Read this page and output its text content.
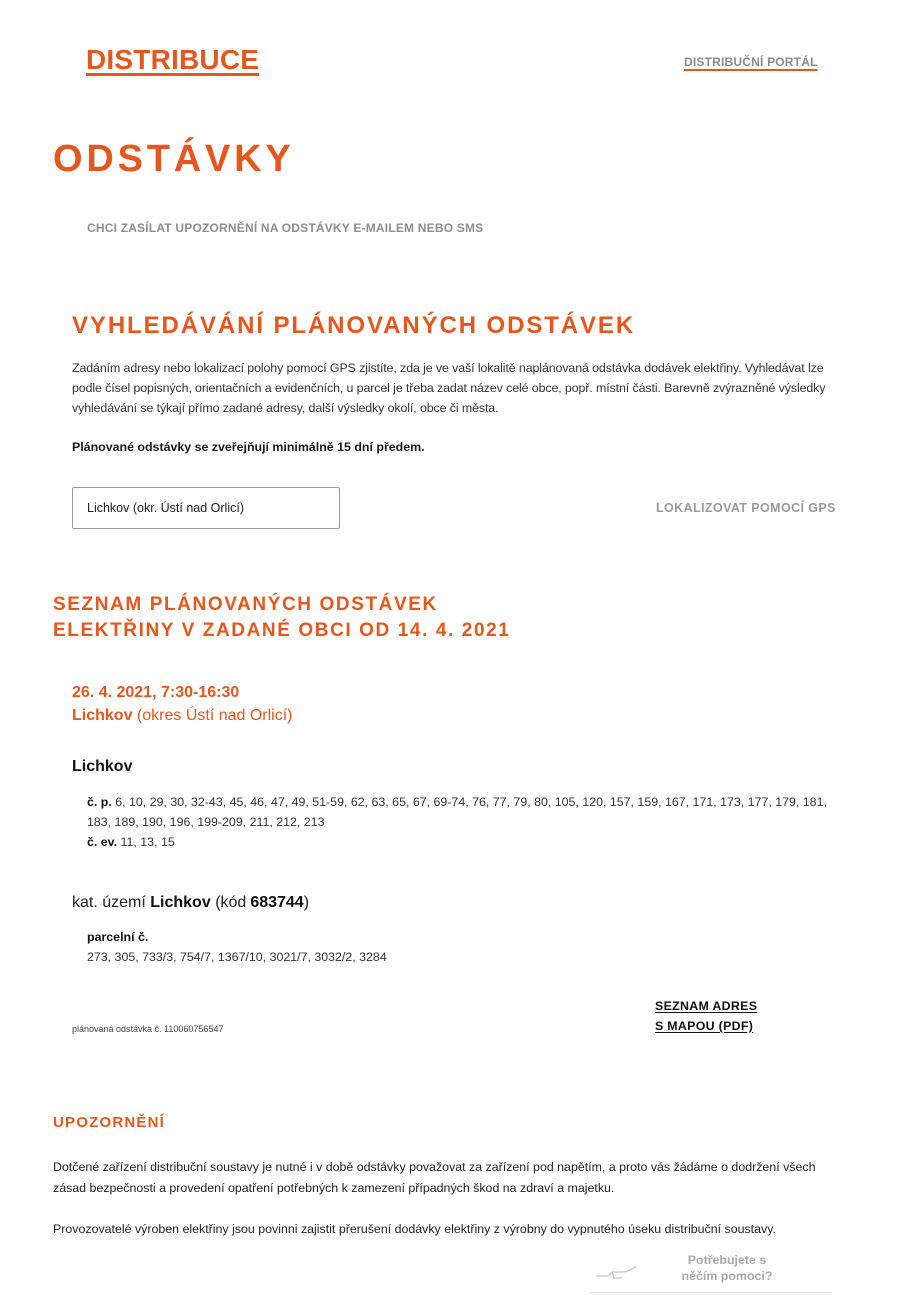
DISTRIBUCE	DISTRIBUČNÍ PORTÁL
ODSTÁVKY
CHCI ZASÍLAT UPOZORNĚNÍ NA ODSTÁVKY E-MAILEM NEBO SMS
VYHLEDÁVÁNÍ PLÁNOVANÝCH ODSTÁVEK
Zadáním adresy nebo lokalizací polohy pomocí GPS zjistíte, zda je ve vaší lokalitě naplánovaná odstávka dodávek elektřiny. Vyhledávat lze podle čísel popisných, orientačních a evidenčních, u parcel je třeba zadat název celé obce, popř. místní části. Barevně zvýrazněné výsledky vyhledávání se týkají přímo zadané adresy, další výsledky okolí, obce či města.
Plánované odstávky se zveřejňují minimálně 15 dní předem.
Lichkov (okr. Ústí nad Orlicí)
LOKALIZOVAT POMOCÍ GPS
SEZNAM PLÁNOVANÝCH ODSTÁVEK
ELEKTŘINY V ZADANÉ OBCI OD 14. 4. 2021
26. 4. 2021, 7:30-16:30
Lichkov (okres Ústí nad Orlicí)
Lichkov
č. p. 6, 10, 29, 30, 32-43, 45, 46, 47, 49, 51-59, 62, 63, 65, 67, 69-74, 76, 77, 79, 80, 105, 120, 157, 159, 167, 171, 173, 177, 179, 181, 183, 189, 190, 196, 199-209, 211, 212, 213
č. ev. 11, 13, 15
kat. území Lichkov (kód 683744)
parcelní č.
273, 305, 733/3, 754/7, 1367/10, 3021/7, 3032/2, 3284
SEZNAM ADRES
S MAPOU (PDF)
plánovaná odstávka č. 110060756547
UPOZORNĚNÍ
Dotčené zařízení distribuční soustavy je nutné i v době odstávky považovat za zařízení pod napětím, a proto vás žádáme o dodržení všech zásad bezpečnosti a provedení opatření potřebných k zamezení případných škod na zdraví a majetku.
Provozovatelé výroben elektřiny jsou povinni zajistit přerušení dodávky elektřiny z výrobny do vypnutého úseku distribuční soustavy.
Potřebujete s
něčím pomoci?
